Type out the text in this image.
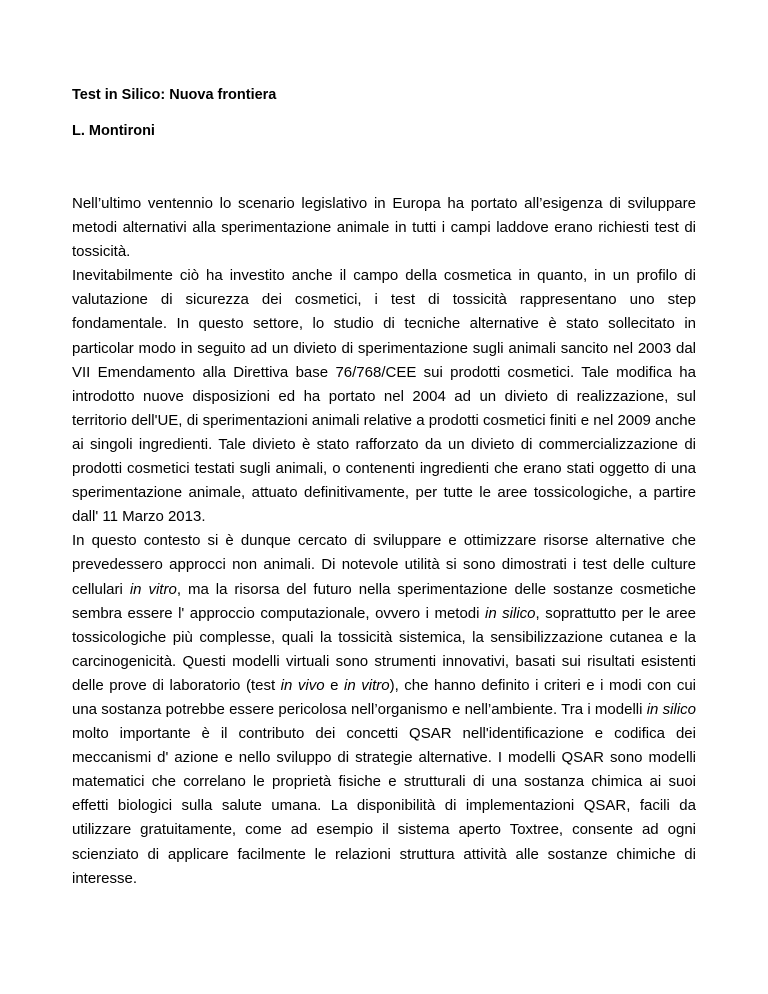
Test in Silico: Nuova frontiera

L. Montironi

Nell’ultimo ventennio lo scenario legislativo in Europa ha portato all’esigenza di sviluppare metodi alternativi alla sperimentazione animale in tutti i campi laddove erano richiesti test di tossicità.

Inevitabilmente ciò ha investito anche il campo della cosmetica in quanto, in un profilo di valutazione di sicurezza dei cosmetici, i test di tossicità rappresentano uno step fondamentale. In questo settore, lo studio di tecniche alternative è stato sollecitato in particolar modo in seguito ad un divieto di sperimentazione sugli animali sancito nel 2003 dal VII Emendamento alla Direttiva base 76/768/CEE sui prodotti cosmetici. Tale modifica ha introdotto nuove disposizioni ed ha portato nel 2004 ad un divieto di realizzazione, sul territorio dell'UE, di sperimentazioni animali relative a prodotti cosmetici finiti e nel 2009 anche ai singoli ingredienti. Tale divieto è stato rafforzato da un divieto di commercializzazione di prodotti cosmetici testati sugli animali, o contenenti ingredienti che erano stati oggetto di una sperimentazione animale, attuato definitivamente, per tutte le aree tossicologiche, a partire dall' 11 Marzo 2013.

In questo contesto si è dunque cercato di sviluppare e ottimizzare risorse alternative che prevedessero approcci non animali. Di notevole utilità si sono dimostrati i test delle culture cellulari in vitro, ma la risorsa del futuro nella sperimentazione delle sostanze cosmetiche sembra essere l' approccio computazionale, ovvero i metodi in silico, soprattutto per le aree tossicologiche più complesse, quali la tossicità sistemica, la sensibilizzazione cutanea e la carcinogenicità. Questi modelli virtuali sono strumenti innovativi, basati sui risultati esistenti delle prove di laboratorio (test in vivo e in vitro), che hanno definito i criteri e i modi con cui una sostanza potrebbe essere pericolosa nell’organismo e nell’ambiente. Tra i modelli in silico molto importante è il contributo dei concetti QSAR nell'identificazione e codifica dei meccanismi d' azione e nello sviluppo di strategie alternative. I modelli QSAR sono modelli matematici che correlano le proprietà fisiche e strutturali di una sostanza chimica ai suoi effetti biologici sulla salute umana. La disponibilità di implementazioni QSAR, facili da utilizzare gratuitamente, come ad esempio il sistema aperto Toxtree, consente ad ogni scienziato di applicare facilmente le relazioni struttura attività alle sostanze chimiche di interesse.
